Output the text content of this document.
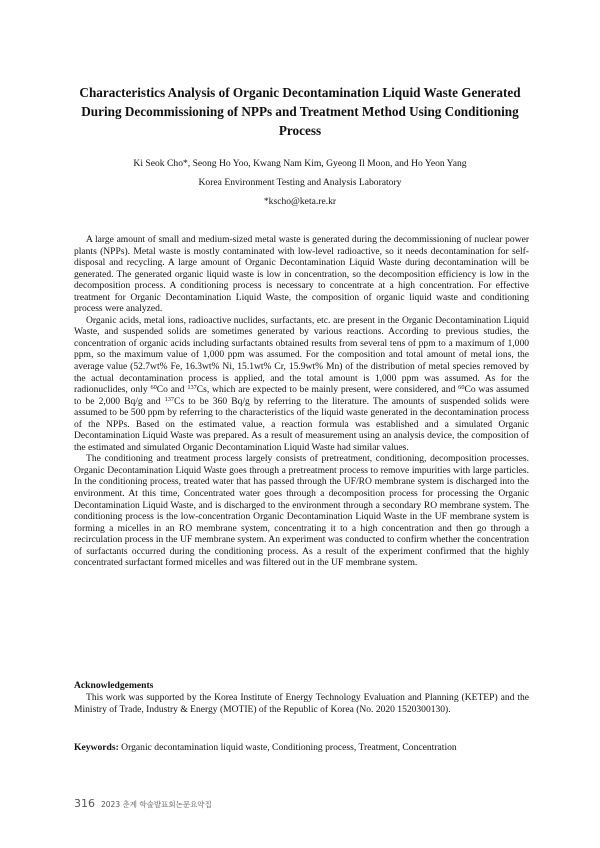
Characteristics Analysis of Organic Decontamination Liquid Waste Generated During Decommissioning of NPPs and Treatment Method Using Conditioning Process
Ki Seok Cho*, Seong Ho Yoo, Kwang Nam Kim, Gyeong Il Moon, and Ho Yeon Yang
Korea Environment Testing and Analysis Laboratory
*kscho@keta.re.kr

A large amount of small and medium-sized metal waste is generated during the decommissioning of nuclear power plants (NPPs). Metal waste is mostly contaminated with low-level radioactive, so it needs decontamination for self-disposal and recycling. A large amount of Organic Decontamination Liquid Waste during decontamination will be generated. The generated organic liquid waste is low in concentration, so the decomposition efficiency is low in the decomposition process. A conditioning process is necessary to concentrate at a high concentration. For effective treatment for Organic Decontamination Liquid Waste, the composition of organic liquid waste and conditioning process were analyzed.

Organic acids, metal ions, radioactive nuclides, surfactants, etc. are present in the Organic Decontamination Liquid Waste, and suspended solids are sometimes generated by various reactions. According to previous studies, the concentration of organic acids including surfactants obtained results from several tens of ppm to a maximum of 1,000 ppm, so the maximum value of 1,000 ppm was assumed. For the composition and total amount of metal ions, the average value (52.7wt% Fe, 16.3wt% Ni, 15.1wt% Cr, 15.9wt% Mn) of the distribution of metal species removed by the actual decontamination process is applied, and the total amount is 1,000 ppm was assumed. As for the radionuclides, only $^{60}$Co and $^{137}$Cs, which are expected to be mainly present, were considered, and $^{60}$Co was assumed to be 2,000 Bq/g and $^{137}$Cs to be 360 Bq/g by referring to the literature. The amounts of suspended solids were assumed to be 500 ppm by referring to the characteristics of the liquid waste generated in the decontamination process of the NPPs. Based on the estimated value, a reaction formula was established and a simulated Organic Decontamination Liquid Waste was prepared. As a result of measurement using an analysis device, the composition of the estimated and simulated Organic Decontamination Liquid Waste had similar values.

The conditioning and treatment process largely consists of pretreatment, conditioning, decomposition processes. Organic Decontamination Liquid Waste goes through a pretreatment process to remove impurities with large particles. In the conditioning process, treated water that has passed through the UF/RO membrane system is discharged into the environment. At this time, Concentrated water goes through a decomposition process for processing the Organic Decontamination Liquid Waste, and is discharged to the environment through a secondary RO membrane system. The conditioning process is the low-concentration Organic Decontamination Liquid Waste in the UF membrane system is forming a micelles in an RO membrane system, concentrating it to a high concentration and then go through a recirculation process in the UF membrane system. An experiment was conducted to confirm whether the concentration of surfactants occurred during the conditioning process. As a result of the experiment confirmed that the highly concentrated surfactant formed micelles and was filtered out in the UF membrane system.

Acknowledgements

This work was supported by the Korea Institute of Energy Technology Evaluation and Planning (KETEP) and the Ministry of Trade, Industry & Energy (MOTIE) of the Republic of Korea (No. 2020 1520300130).

Keywords: Organic decontamination liquid waste, Conditioning process, Treatment, Concentration
316 2023 춘계 학술발표회논문요약집
